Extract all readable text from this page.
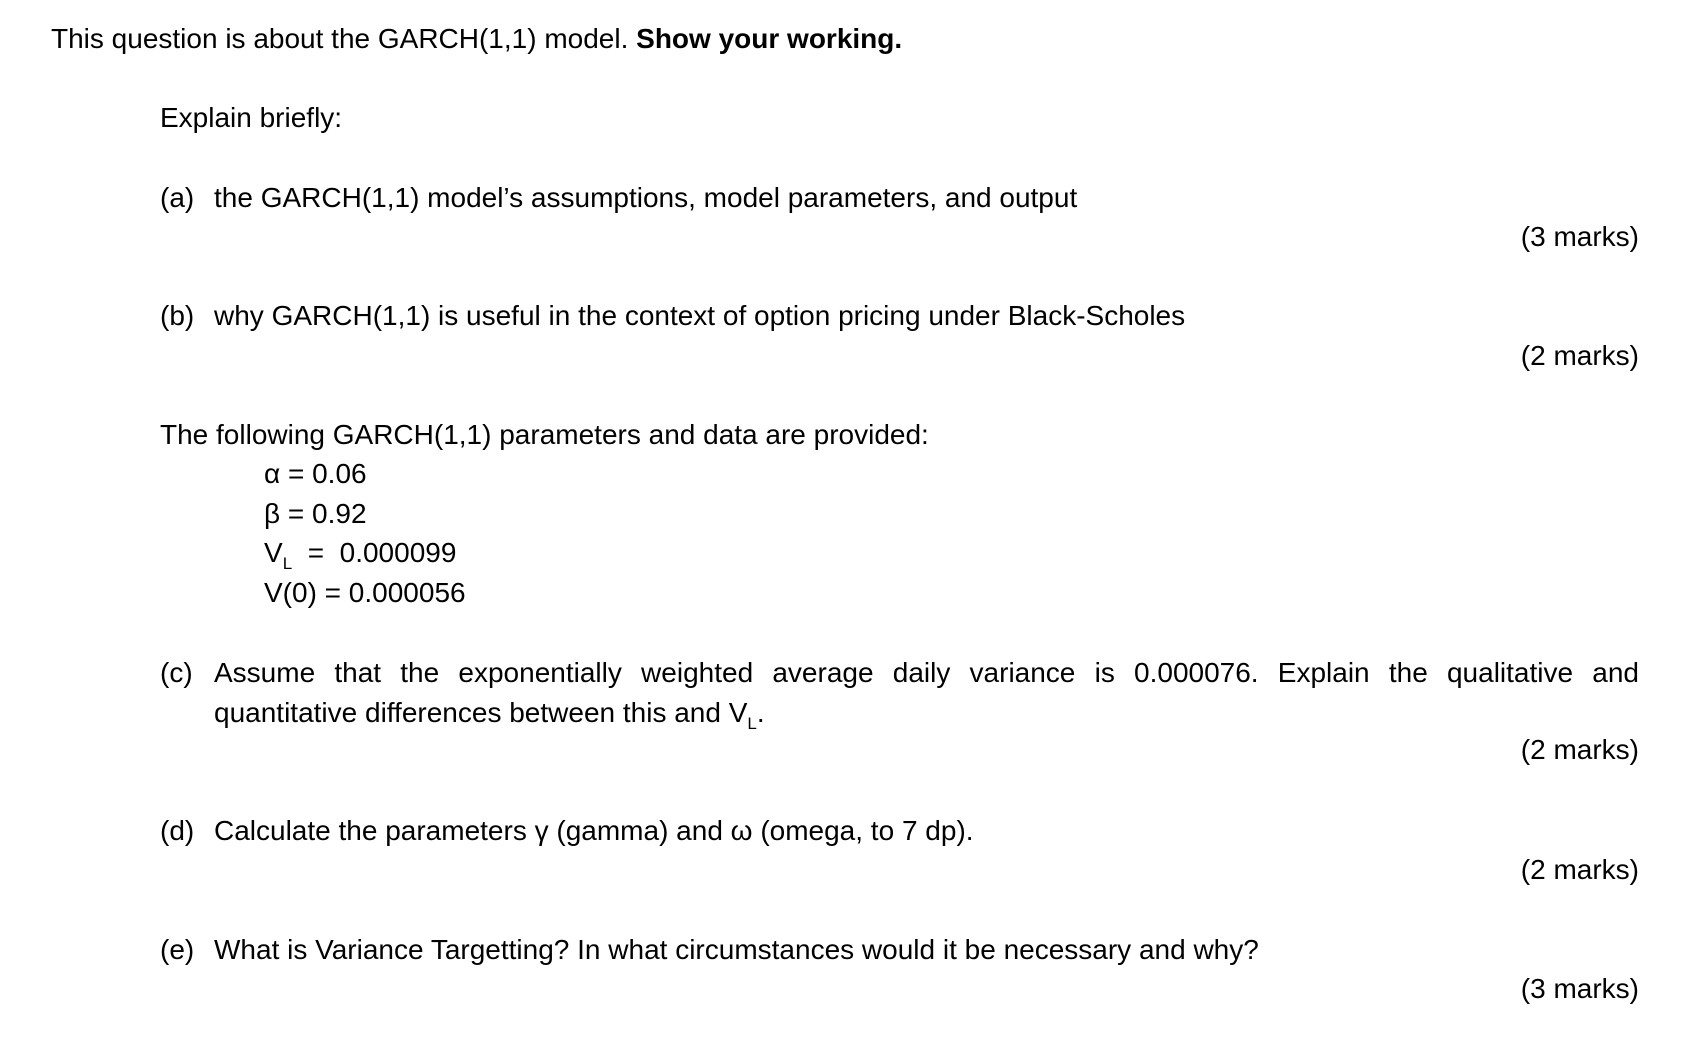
This question is about the GARCH(1,1) model. Show your working.
Explain briefly:
(a) the GARCH(1,1) model’s assumptions, model parameters, and output
(3 marks)
(b) why GARCH(1,1) is useful in the context of option pricing under Black-Scholes
(2 marks)
The following GARCH(1,1) parameters and data are provided:
α = 0.06
β = 0.92
$V_L = 0.000099$
V(0) = 0.000056
(c) Assume that the exponentially weighted average daily variance is 0.000076. Explain the qualitative and
quantitative differences between this and $V_L$.
(2 marks)
(d) Calculate the parameters γ (gamma) and ω (omega, to 7 dp).
(2 marks)
(e) What is Variance Targetting? In what circumstances would it be necessary and why?
(3 marks)
